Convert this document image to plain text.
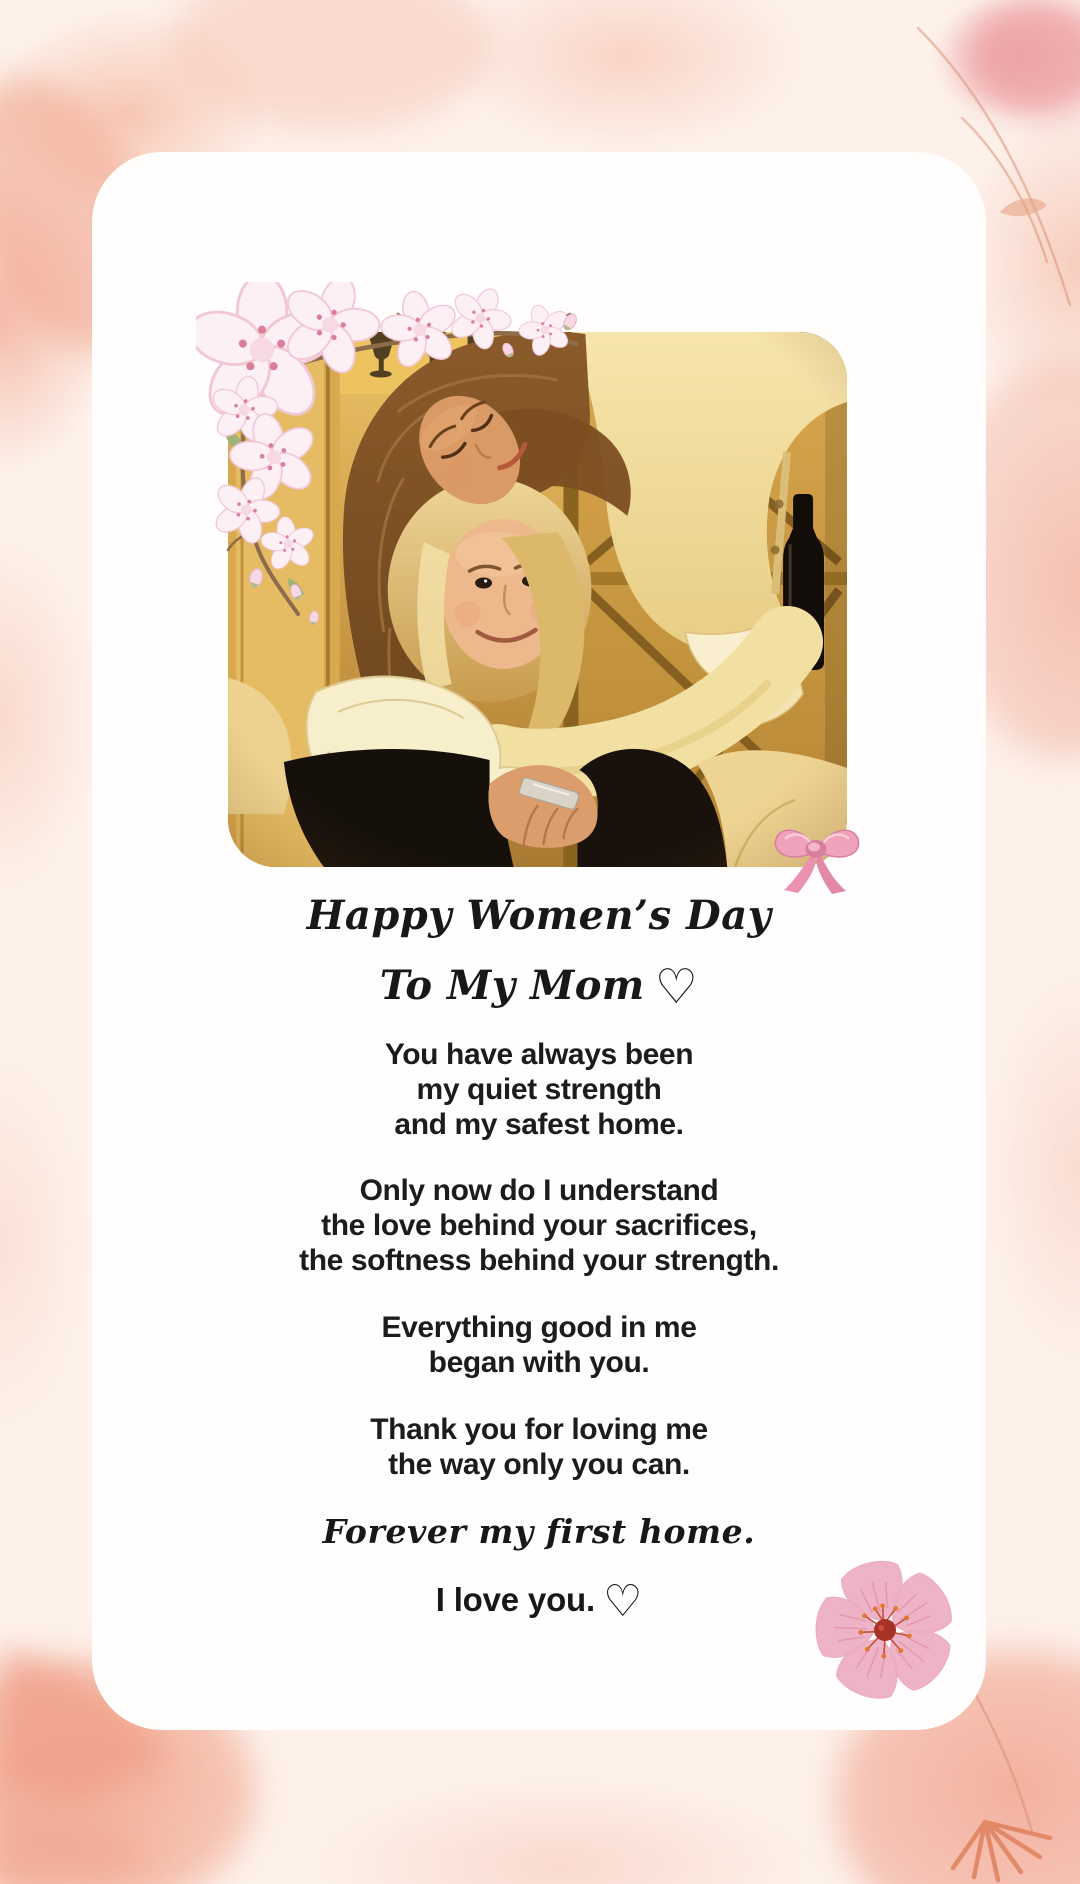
Happy Women’s Day
To My Mom ♡
You have always been
my quiet strength
and my safest home.
Only now do I understand
the love behind your sacrifices,
the softness behind your strength.
Everything good in me
began with you.
Thank you for loving me
the way only you can.
Forever my first home.
I love you. ♡
